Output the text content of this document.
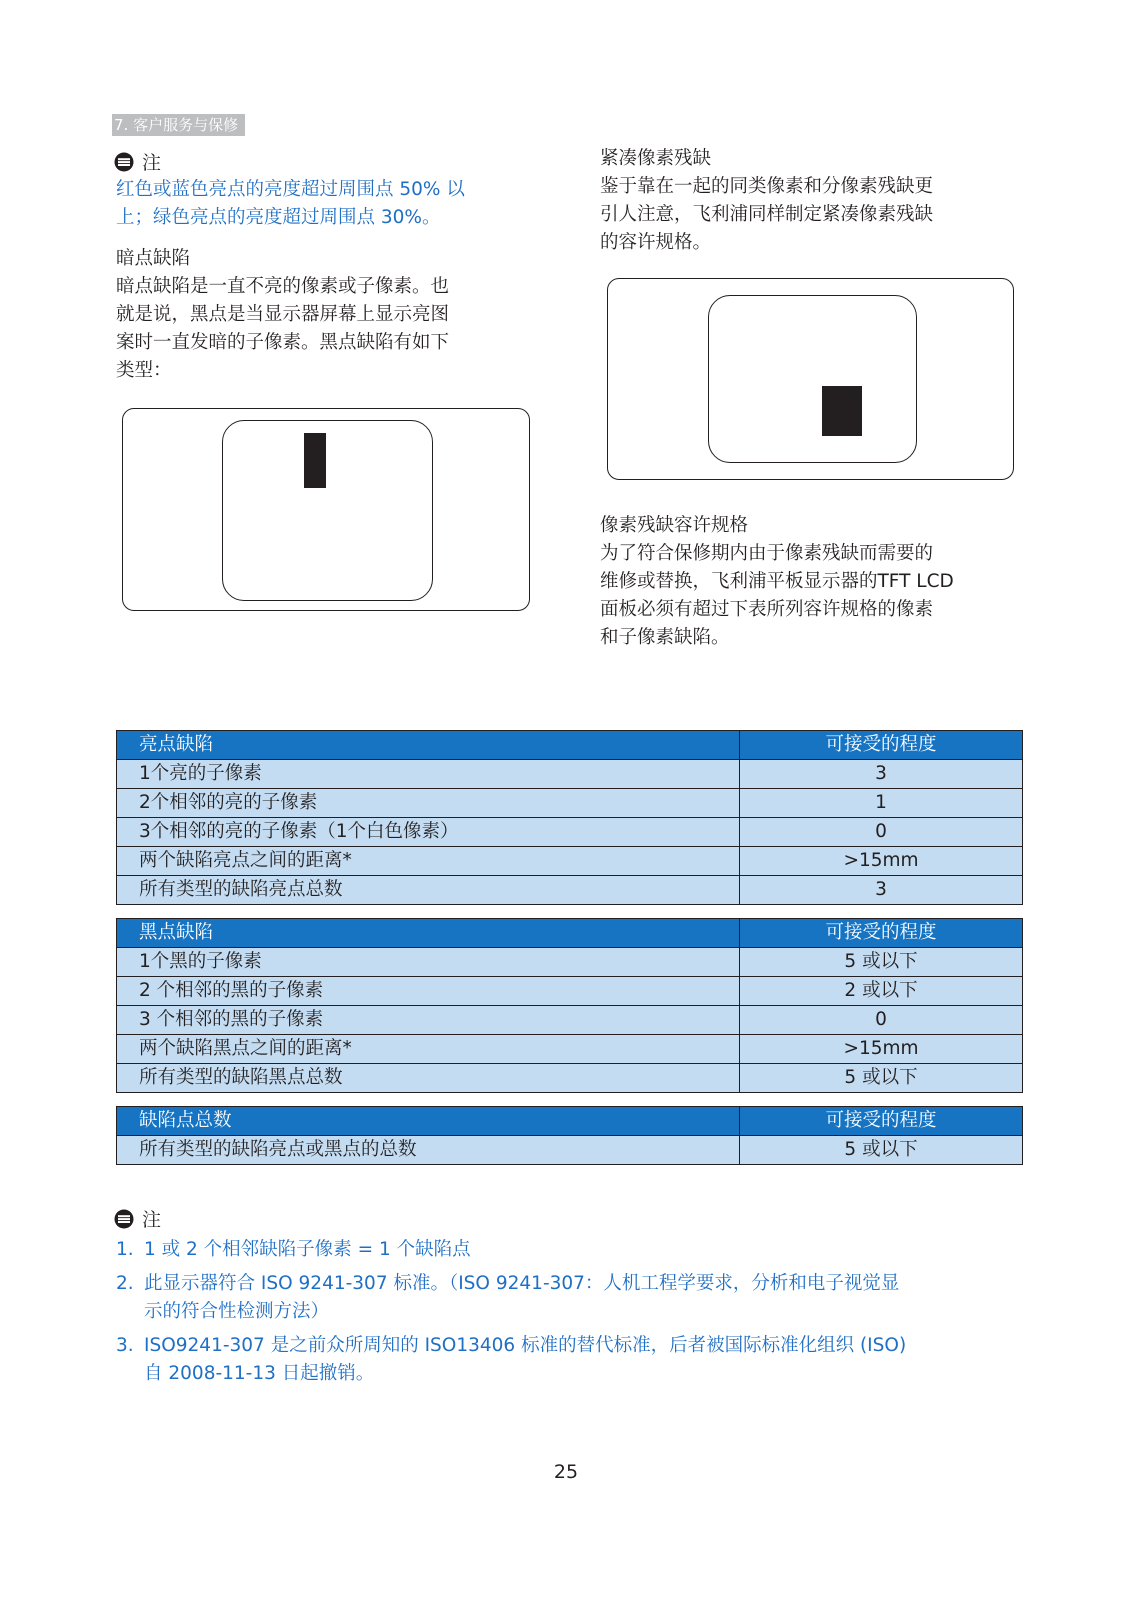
7. 客户服务与保修
注
红色或蓝色亮点的亮度超过周围点 50% 以
上；绿色亮点的亮度超过周围点 30%。
暗点缺陷
暗点缺陷是一直不亮的像素或子像素。也
就是说，黑点是当显示器屏幕上显示亮图
案时一直发暗的子像素。黑点缺陷有如下
类型：
紧凑像素残缺
鉴于靠在一起的同类像素和分像素残缺更
引人注意，飞利浦同样制定紧凑像素残缺
的容许规格。
像素残缺容许规格
为了符合保修期内由于像素残缺而需要的
维修或替换，飞利浦平板显示器的TFT LCD
面板必须有超过下表所列容许规格的像素
和子像素缺陷。
亮点缺陷	可接受的程度
1个亮的子像素	3
2个相邻的亮的子像素	1
3个相邻的亮的子像素（1个白色像素）	0
两个缺陷亮点之间的距离*	>15mm
所有类型的缺陷亮点总数	3
黑点缺陷	可接受的程度
1个黑的子像素	5 或以下
2 个相邻的黑的子像素	2 或以下
3 个相邻的黑的子像素	0
两个缺陷黑点之间的距离*	>15mm
所有类型的缺陷黑点总数	5 或以下
缺陷点总数	可接受的程度
所有类型的缺陷亮点或黑点的总数	5 或以下
注
1. 1 或 2 个相邻缺陷子像素 = 1 个缺陷点
2. 此显示器符合 ISO 9241-307 标准。（ISO 9241-307：人机工程学要求，分析和电子视觉显
示的符合性检测方法）
3. ISO9241-307 是之前众所周知的 ISO13406 标准的替代标准，后者被国际标准化组织 (ISO)
自 2008-11-13 日起撤销。
25
